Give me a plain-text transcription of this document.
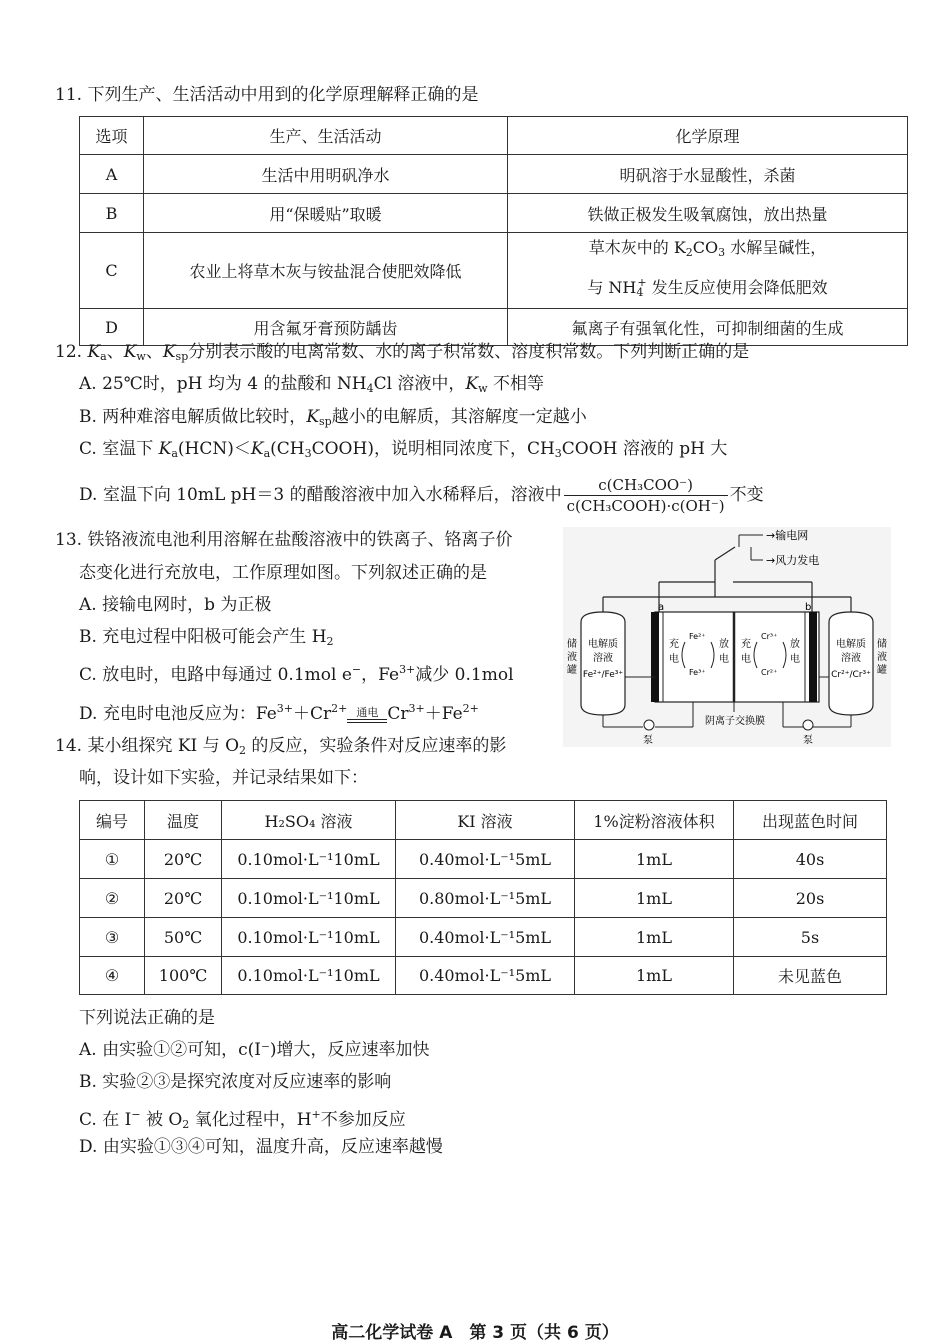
11. 下列生产、生活活动中用到的化学原理解释正确的是
选项	生产、生活活动	化学原理
A	生活中用明矾净水	明矾溶于水显酸性，杀菌
B	用“保暖贴”取暖	铁做正极发生吸氧腐蚀，放出热量
C	农业上将草木灰与铵盐混合使肥效降低	草木灰中的 $K_2CO_3$ 水解呈碱性，
与 $NH_4^+$ 发生反应使用会降低肥效

D	用含氟牙膏预防龋齿	氟离子有强氧化性，可抑制细菌的生成
12. $K_a$、$K_w$、$K_{sp}$分别表示酸的电离常数、水的离子积常数、溶度积常数。下列判断正确的是
A. 25℃时，pH 均为 4 的盐酸和 $NH_4Cl$ 溶液中，$K_w$ 不相等
B. 两种难溶电解质做比较时，$K_{sp}$越小的电解质，其溶解度一定越小
C. 室温下 $K_a(HCN)<K_a(CH_3COOH)$，说明相同浓度下，$CH_3COOH$ 溶液的 pH 大
D. 室温下向 10mL pH＝3 的醋酸溶液中加入水稀释后，溶液中 $\frac{\text{c(CH₃COO⁻)}}{\text{c(CH₃COOH)·c(OH⁻)}}$ 不变
13. 铁铬液流电池利用溶解在盐酸溶液中的铁离子、铬离子价
态变化进行充放电，工作原理如图。下列叙述正确的是
A. 接输电网时，b 为正极
B. 充电过程中阳极可能会产生 $H_2$
C. 放电时，电路中每通过 0.1mol e−，$Fe^{3+}$减少 0.1mol
D. 充电时电池反应为：$Fe^{3+}+Cr^{2+}$ 通电 $Cr^{3+}+Fe^{2+}$
→输电网
→风力发电
电解质
溶液
Fe²⁺/Fe³⁺
储液罐
电解质
溶液
Cr²⁺/Cr³⁺
储液罐
a	b
充
电
Fe²⁺
Fe³⁺
放
电
充
电
Cr³⁺
Cr²⁺
放
电
泵	泵
阴离子交换膜
14. 某小组探究 KI 与 $O_2$ 的反应，实验条件对反应速率的影
响，设计如下实验，并记录结果如下：
编号	温度	H₂SO₄ 溶液	KI 溶液	1%淀粉溶液体积	出现蓝色时间
①	20℃	0.10mol·L⁻¹10mL	0.40mol·L⁻¹5mL	1mL	40s
②	20℃	0.10mol·L⁻¹10mL	0.80mol·L⁻¹5mL	1mL	20s
③	50℃	0.10mol·L⁻¹10mL	0.40mol·L⁻¹5mL	1mL	5s
④	100℃	0.10mol·L⁻¹10mL	0.40mol·L⁻¹5mL	1mL	未见蓝色
下列说法正确的是
A. 由实验①②可知，c(I⁻)增大，反应速率加快
B. 实验②③是探究浓度对反应速率的影响
C. 在 I− 被 $O_2$ 氧化过程中，H+不参加反应
D. 由实验①③④可知，温度升高，反应速率越慢
高二化学试卷 A　第 3 页（共 6 页）
